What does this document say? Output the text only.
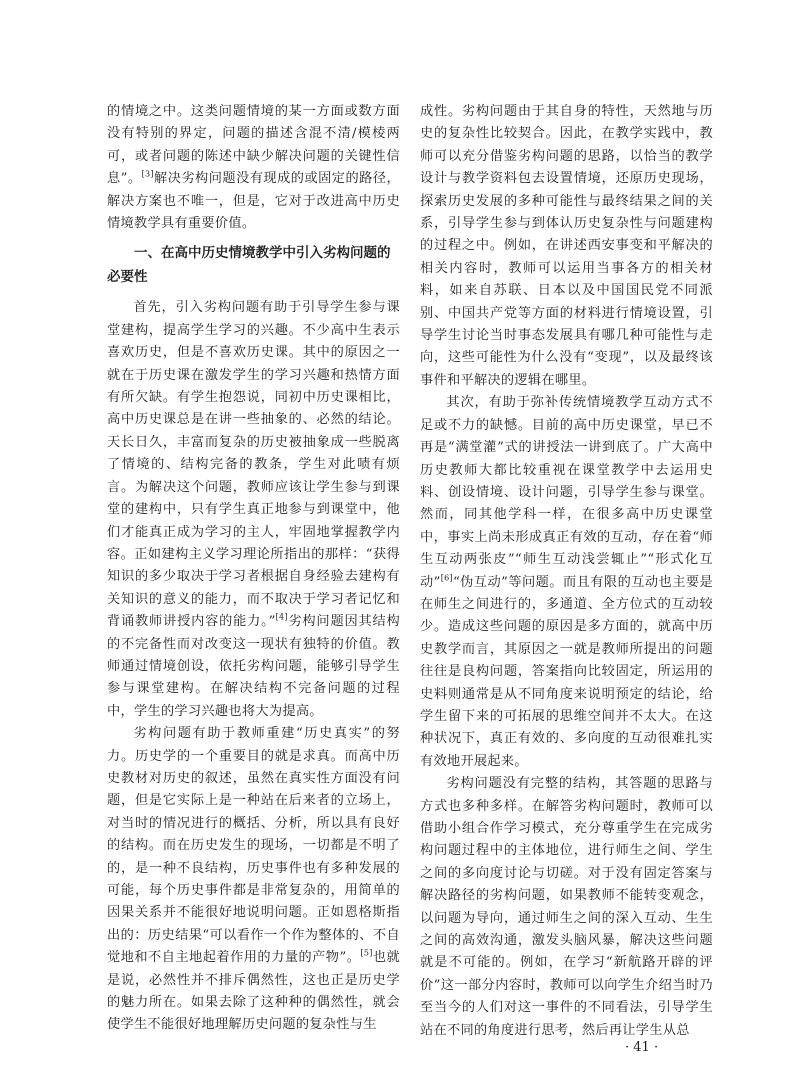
的情境之中。这类问题情境的某一方面或数方面没有特别的界定，问题的描述含混不清/模棱两可，或者问题的陈述中缺少解决问题的关键性信息”。[3]解决劣构问题没有现成的或固定的路径，解决方案也不唯一，但是，它对于改进高中历史情境教学具有重要价值。

一、在高中历史情境教学中引入劣构问题的必要性

首先，引入劣构问题有助于引导学生参与课堂建构，提高学生学习的兴趣。不少高中生表示喜欢历史，但是不喜欢历史课。其中的原因之一就在于历史课在激发学生的学习兴趣和热情方面有所欠缺。有学生抱怨说，同初中历史课相比，高中历史课总是在讲一些抽象的、必然的结论。天长日久，丰富而复杂的历史被抽象成一些脱离了情境的、结构完备的教条，学生对此啧有烦言。为解决这个问题，教师应该让学生参与到课堂的建构中，只有学生真正地参与到课堂中，他们才能真正成为学习的主人，牢固地掌握教学内容。正如建构主义学习理论所指出的那样：“获得知识的多少取决于学习者根据自身经验去建构有关知识的意义的能力，而不取决于学习者记忆和背诵教师讲授内容的能力。”[4]劣构问题因其结构的不完备性而对改变这一现状有独特的价值。教师通过情境创设，依托劣构问题，能够引导学生参与课堂建构。在解决结构不完备问题的过程中，学生的学习兴趣也将大为提高。

劣构问题有助于教师重建“历史真实”的努力。历史学的一个重要目的就是求真。而高中历史教材对历史的叙述，虽然在真实性方面没有问题，但是它实际上是一种站在后来者的立场上，对当时的情况进行的概括、分析，所以具有良好的结构。而在历史发生的现场，一切都是不明了的，是一种不良结构，历史事件也有多种发展的可能，每个历史事件都是非常复杂的，用简单的因果关系并不能很好地说明问题。正如恩格斯指出的：历史结果“可以看作一个作为整体的、不自觉地和不自主地起着作用的力量的产物”。[5]也就是说，必然性并不排斥偶然性，这也正是历史学的魅力所在。如果去除了这种种的偶然性，就会使学生不能很好地理解历史问题的复杂性与生

成性。劣构问题由于其自身的特性，天然地与历史的复杂性比较契合。因此，在教学实践中，教师可以充分借鉴劣构问题的思路，以恰当的教学设计与教学资料包去设置情境，还原历史现场，探索历史发展的多种可能性与最终结果之间的关系，引导学生参与到体认历史复杂性与问题建构的过程之中。例如，在讲述西安事变和平解决的相关内容时，教师可以运用当事各方的相关材料，如来自苏联、日本以及中国国民党不同派别、中国共产党等方面的材料进行情境设置，引导学生讨论当时事态发展具有哪几种可能性与走向，这些可能性为什么没有“变现”，以及最终该事件和平解决的逻辑在哪里。

其次，有助于弥补传统情境教学互动方式不足或不力的缺憾。目前的高中历史课堂，早已不再是“满堂灌”式的讲授法一讲到底了。广大高中历史教师大都比较重视在课堂教学中去运用史料、创设情境、设计问题，引导学生参与课堂。然而，同其他学科一样，在很多高中历史课堂中，事实上尚未形成真正有效的互动，存在着“师生互动两张皮”“师生互动浅尝辄止”“形式化互动”[6]“伪互动”等问题。而且有限的互动也主要是在师生之间进行的，多通道、全方位式的互动较少。造成这些问题的原因是多方面的，就高中历史教学而言，其原因之一就是教师所提出的问题往往是良构问题，答案指向比较固定，所运用的史料则通常是从不同角度来说明预定的结论，给学生留下来的可拓展的思维空间并不太大。在这种状况下，真正有效的、多向度的互动很难扎实有效地开展起来。

劣构问题没有完整的结构，其答题的思路与方式也多种多样。在解答劣构问题时，教师可以借助小组合作学习模式，充分尊重学生在完成劣构问题过程中的主体地位，进行师生之间、学生之间的多向度讨论与切磋。对于没有固定答案与解决路径的劣构问题，如果教师不能转变观念，以问题为导向，通过师生之间的深入互动、生生之间的高效沟通，激发头脑风暴，解决这些问题就是不可能的。例如，在学习“新航路开辟的评价”这一部分内容时，教师可以向学生介绍当时乃至当今的人们对这一事件的不同看法，引导学生站在不同的角度进行思考，然后再让学生从总

· 41 ·
